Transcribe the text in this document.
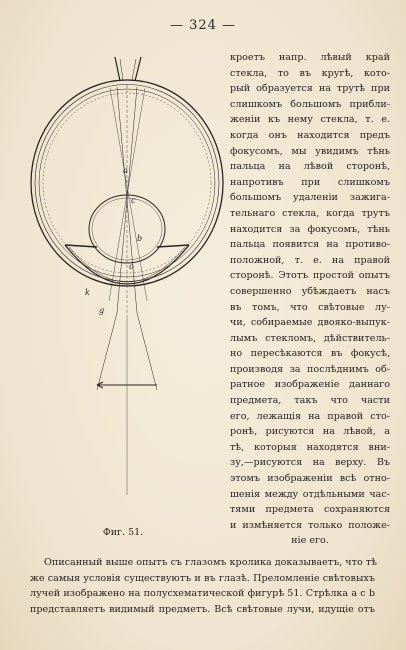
— 324 —
а
с
b
о
g
k
Фиг. 51.
кроетъ напр. лѣвый край
стекла, то въ кругѣ, кото-
рый образуется на трутѣ при
слишкомъ большомъ прибли-
женіи къ нему стекла, т. е.
когда онъ находится предъ
фокусомъ, мы увидимъ тѣнь
пальца на лѣвой сторонѣ,
напротивъ при слишкомъ
большомъ удаленіи зажига-
тельнаго стекла, когда трутъ
находится за фокусомъ, тѣнь
пальца появится на противо-
положной, т. е. на правой
сторонѣ. Этотъ простой опытъ
совершенно убѣждаетъ насъ
въ томъ, что свѣтовые лу-
чи, собираемые двояко-выпук-
лымъ стекломъ, дѣйствитель-
но пересѣкаются въ фокусѣ,
производя за послѣднимъ об-
ратное изображеніе даннаго
предмета, такъ что части
его, лежащія на правой сто-
ронѣ, рисуются на лѣвой, а
тѣ, которыя находятся вни-
зу,—рисуются на верху. Въ
этомъ изображеніи всѣ отно-
шенія между отдѣльными час-
тями предмета сохраняются
и измѣняется только положе-
ніе его.
Описанный выше опытъ съ глазомъ кролика доказываетъ, что тѣ
же самыя условія существуютъ и въ глазѣ. Преломленіе свѣтовыхъ
лучей изображено на полусхематической фигурѣ 51. Стрѣлка а с b
представляетъ видимый предметъ. Всѣ свѣтовые лучи, идущіе отъ
